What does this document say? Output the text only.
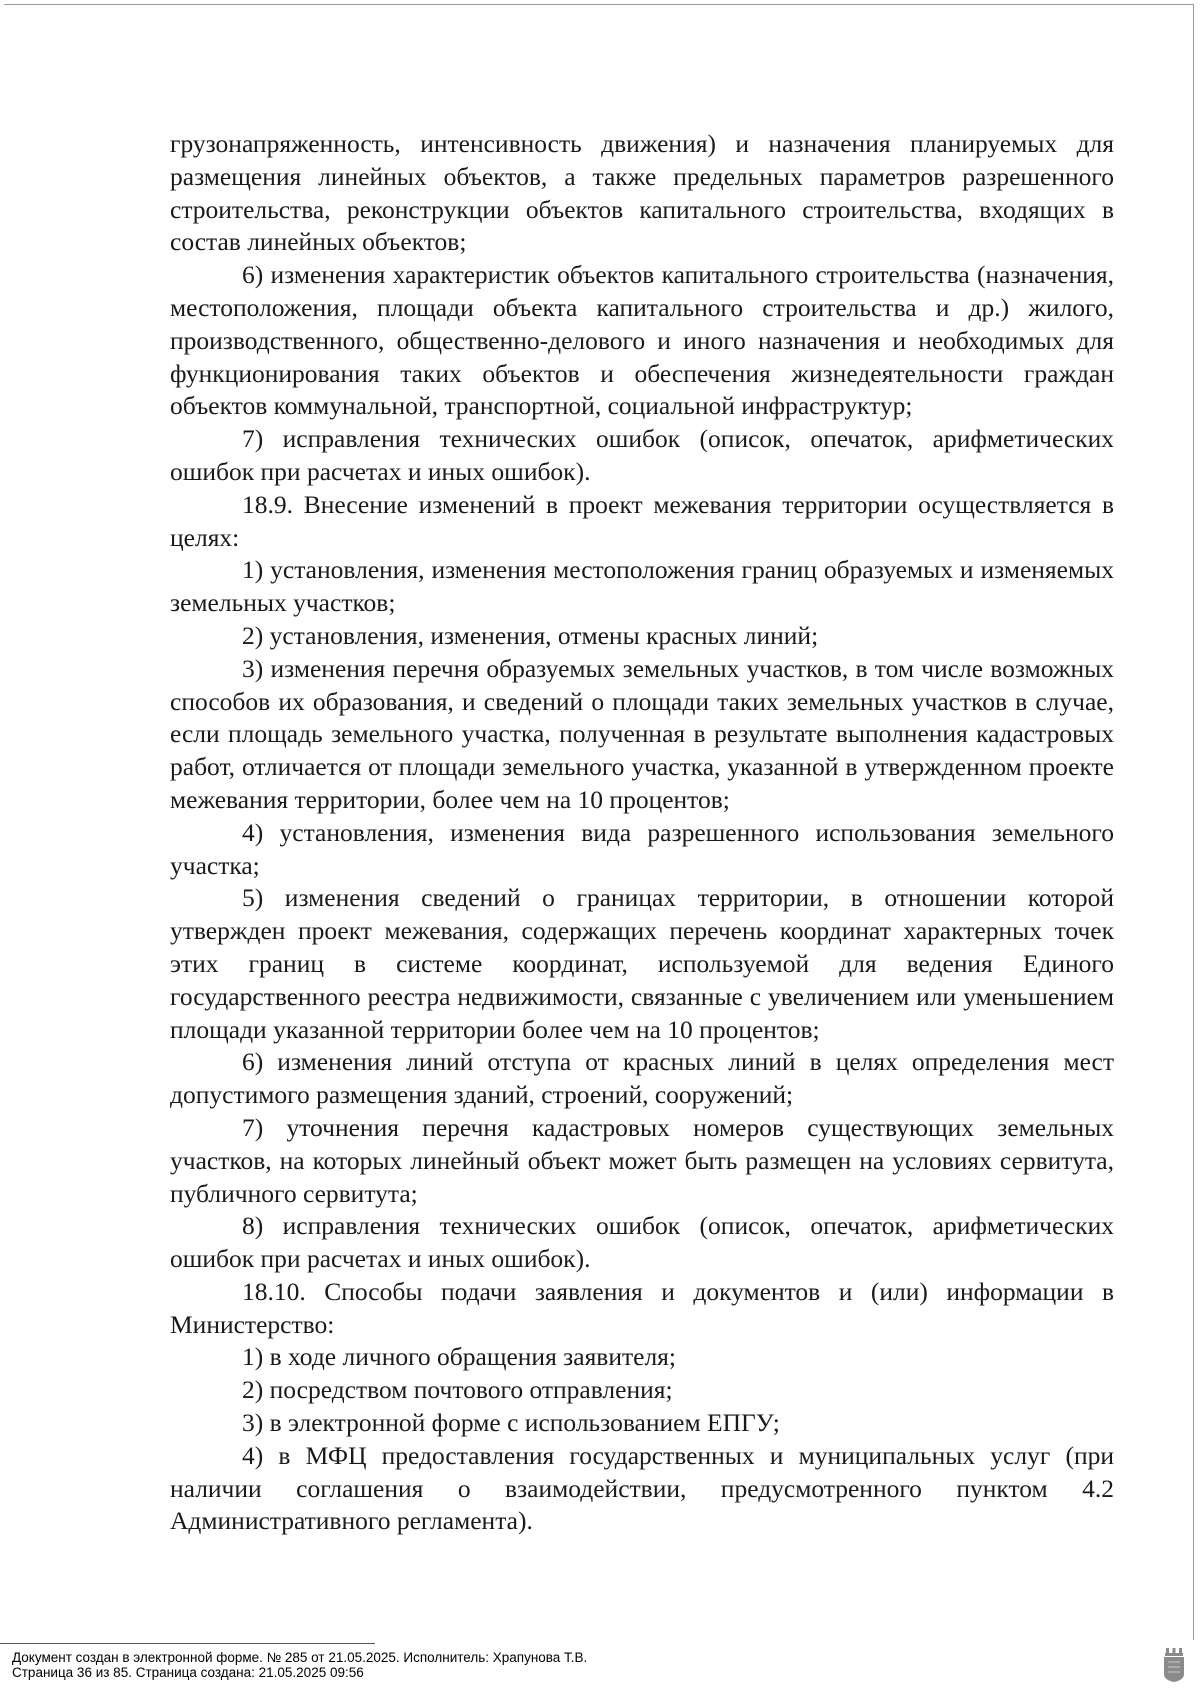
грузонапряженность, интенсивность движения) и назначения планируемых для размещения линейных объектов, а также предельных параметров разрешенного строительства, реконструкции объектов капитального строительства, входящих в состав линейных объектов;

6) изменения характеристик объектов капитального строительства (назначения, местоположения, площади объекта капитального строительства и др.) жилого, производственного, общественно-делового и иного назначения и необходимых для функционирования таких объектов и обеспечения жизнедеятельности граждан объектов коммунальной, транспортной, социальной инфраструктур;

7) исправления технических ошибок (описок, опечаток, арифметических ошибок при расчетах и иных ошибок).

18.9. Внесение изменений в проект межевания территории осуществляется в целях:

1) установления, изменения местоположения границ образуемых и изменяемых земельных участков;

2) установления, изменения, отмены красных линий;

3) изменения перечня образуемых земельных участков, в том числе возможных способов их образования, и сведений о площади таких земельных участков в случае, если площадь земельного участка, полученная в результате выполнения кадастровых работ, отличается от площади земельного участка, указанной в утвержденном проекте межевания территории, более чем на 10 процентов;

4) установления, изменения вида разрешенного использования земельного участка;

5) изменения сведений о границах территории, в отношении которой утвержден проект межевания, содержащих перечень координат характерных точек этих границ в системе координат, используемой для ведения Единого государственного реестра недвижимости, связанные с увеличением или уменьшением площади указанной территории более чем на 10 процентов;

6) изменения линий отступа от красных линий в целях определения мест допустимого размещения зданий, строений, сооружений;

7) уточнения перечня кадастровых номеров существующих земельных участков, на которых линейный объект может быть размещен на условиях сервитута, публичного сервитута;

8) исправления технических ошибок (описок, опечаток, арифметических ошибок при расчетах и иных ошибок).

18.10. Способы подачи заявления и документов и (или) информации в Министерство:

1) в ходе личного обращения заявителя;

2) посредством почтового отправления;

3) в электронной форме с использованием ЕПГУ;

4) в МФЦ предоставления государственных и муниципальных услуг (при наличии соглашения о взаимодействии, предусмотренного пунктом 4.2 Административного регламента).

Документ создан в электронной форме. № 285 от 21.05.2025. Исполнитель: Храпунова Т.В.
Страница 36 из 85. Страница создана: 21.05.2025 09:56
